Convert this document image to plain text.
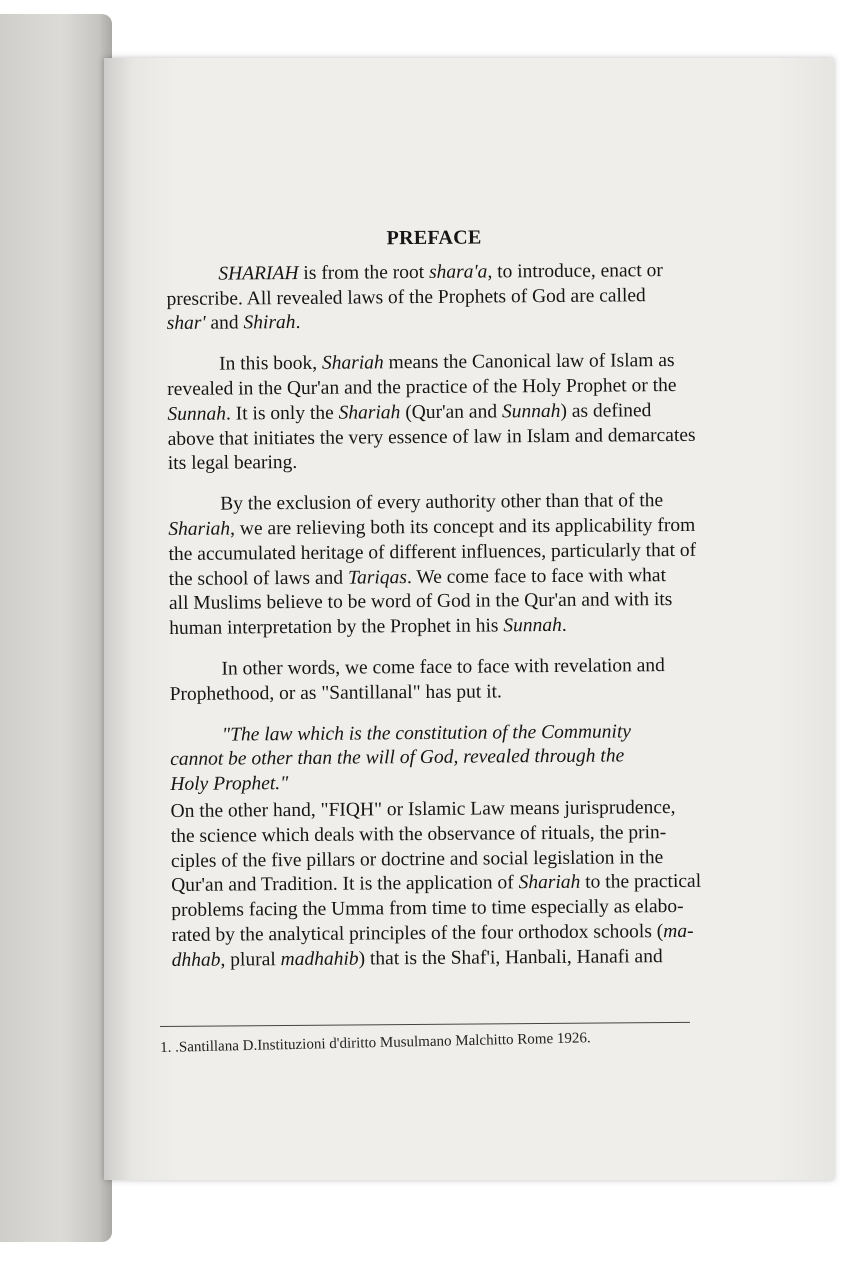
PREFACE
SHARIAH is from the root shara'a, to introduce, enact or
prescribe. All revealed laws of the Prophets of God are called
shar' and Shirah.
In this book, Shariah means the Canonical law of Islam as
revealed in the Qur'an and the practice of the Holy Prophet or the
Sunnah. It is only the Shariah (Qur'an and Sunnah) as defined
above that initiates the very essence of law in Islam and demarcates
its legal bearing.
By the exclusion of every authority other than that of the
Shariah, we are relieving both its concept and its applicability from
the accumulated heritage of different influences, particularly that of
the school of laws and Tariqas. We come face to face with what
all Muslims believe to be word of God in the Qur'an and with its
human interpretation by the Prophet in his Sunnah.
In other words, we come face to face with revelation and
Prophethood, or as "Santillanal" has put it.
"The law which is the constitution of the Community
cannot be other than the will of God, revealed through the
Holy Prophet."
On the other hand, "FIQH" or Islamic Law means jurisprudence,
the science which deals with the observance of rituals, the prin-
ciples of the five pillars or doctrine and social legislation in the
Qur'an and Tradition. It is the application of Shariah to the practical
problems facing the Umma from time to time especially as elabo-
rated by the analytical principles of the four orthodox schools (ma-
dhhab, plural madhahib) that is the Shaf'i, Hanbali, Hanafi and
1. .Santillana D.Instituzioni d'diritto Musulmano Malchitto Rome 1926.
